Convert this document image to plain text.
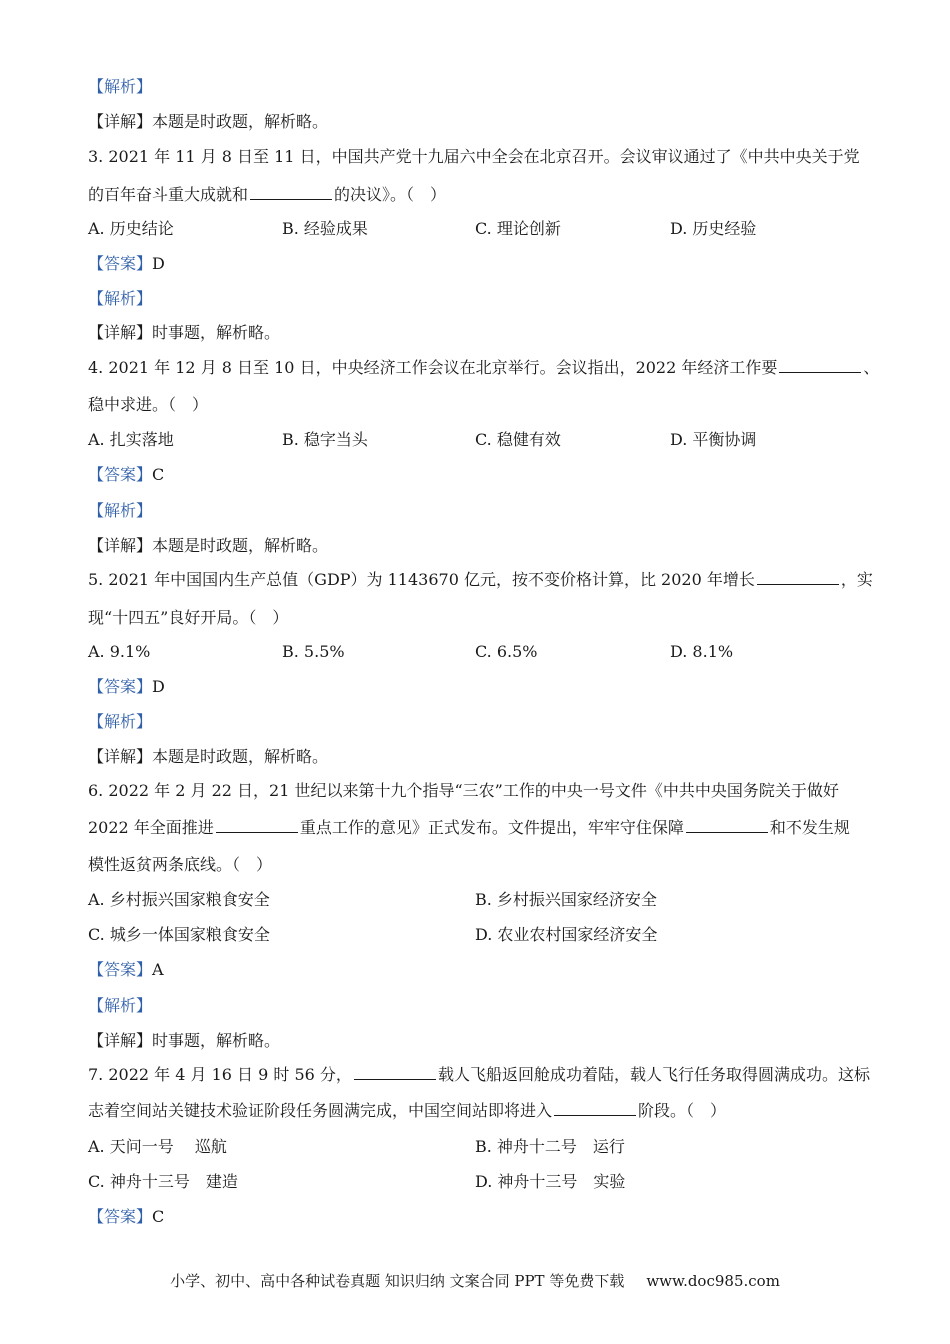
【解析】
【详解】本题是时政题，解析略。
3. 2021 年 11 月 8 日至 11 日，中国共产党十九届六中全会在北京召开。会议审议通过了《中共中央关于党
的百年奋斗重大成就和	的决议》。（　）
A. 历史结论	B. 经验成果	C. 理论创新	D. 历史经验
【答案】D
【解析】
【详解】时事题，解析略。
4. 2021 年 12 月 8 日至 10 日，中央经济工作会议在北京举行。会议指出，2022 年经济工作要	、
稳中求进。（　）
A. 扎实落地	B. 稳字当头	C. 稳健有效	D. 平衡协调
【答案】C
【解析】
【详解】本题是时政题，解析略。
5. 2021 年中国国内生产总值（GDP）为 1143670 亿元，按不变价格计算，比 2020 年增长	，实
现“十四五”良好开局。（　）
A. 9.1%	B. 5.5%	C. 6.5%	D. 8.1%
【答案】D
【解析】
【详解】本题是时政题，解析略。
6. 2022 年 2 月 22 日，21 世纪以来第十九个指导“三农”工作的中央一号文件《中共中央国务院关于做好
2022 年全面推进	重点工作的意见》正式发布。文件提出，牢牢守住保障	和不发生规
模性返贫两条底线。（　）
A. 乡村振兴国家粮食安全	B. 乡村振兴国家经济安全
C. 城乡一体国家粮食安全	D. 农业农村国家经济安全
【答案】A
【解析】
【详解】时事题，解析略。
7. 2022 年 4 月 16 日 9 时 56 分，	载人飞船返回舱成功着陆，载人飞行任务取得圆满成功。这标
志着空间站关键技术验证阶段任务圆满完成，中国空间站即将进入	阶段。（　）
A. 天问一号　 巡航	B. 神舟十二号　运行
C. 神舟十三号　建造	D. 神舟十三号　实验
【答案】C
小学、初中、高中各种试卷真题 知识归纳 文案合同 PPT 等免费下载 www.doc985.com
